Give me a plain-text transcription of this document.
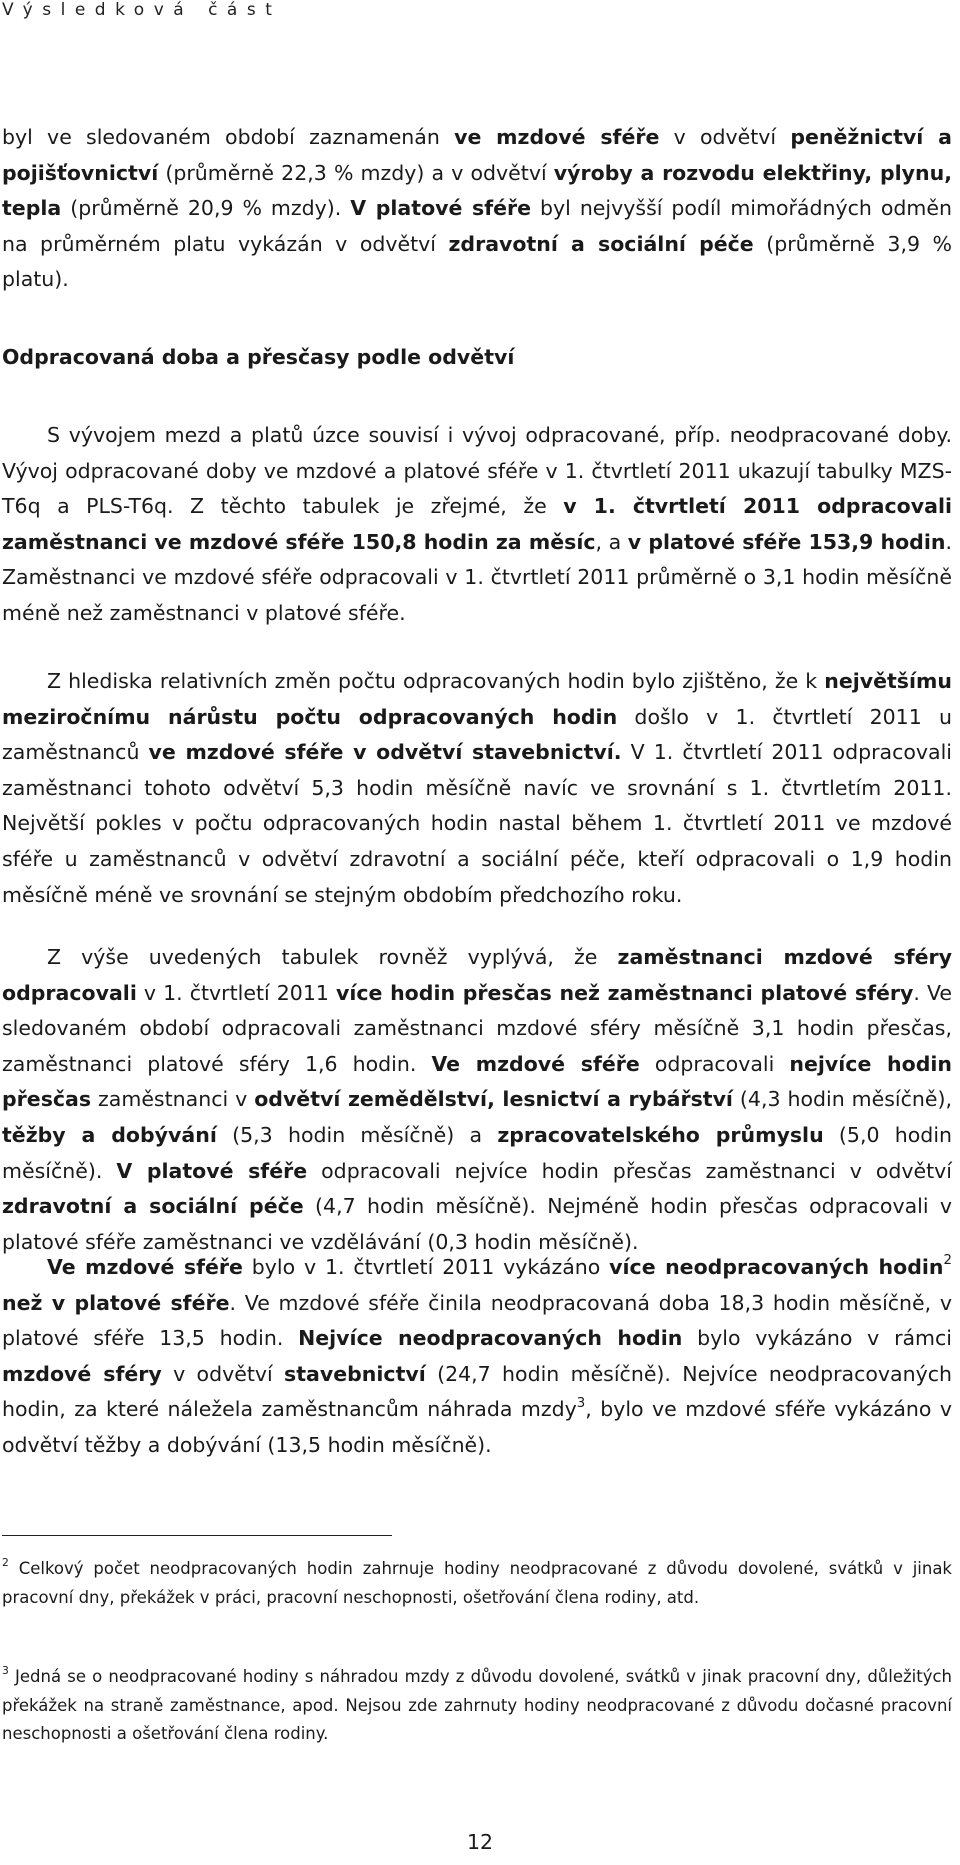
Výsledková část

byl ve sledovaném období zaznamenán ve mzdové sféře v odvětví peněžnictví a pojišťovnictví (průměrně 22,3 % mzdy) a v odvětví výroby a rozvodu elektřiny, plynu, tepla (průměrně 20,9 % mzdy). V platové sféře byl nejvyšší podíl mimořádných odměn na průměrném platu vykázán v odvětví zdravotní a sociální péče (průměrně 3,9 % platu).

Odpracovaná doba a přesčasy podle odvětví

S vývojem mezd a platů úzce souvisí i vývoj odpracované, příp. neodpracované doby. Vývoj odpracované doby ve mzdové a platové sféře v 1. čtvrtletí 2011 ukazují tabulky MZS-T6q a PLS-T6q. Z těchto tabulek je zřejmé, že v 1. čtvrtletí 2011 odpracovali zaměstnanci ve mzdové sféře 150,8 hodin za měsíc, a v platové sféře 153,9 hodin. Zaměstnanci ve mzdové sféře odpracovali v 1. čtvrtletí 2011 průměrně o 3,1 hodin měsíčně méně než zaměstnanci v platové sféře.

Z hlediska relativních změn počtu odpracovaných hodin bylo zjištěno, že k největšímu meziročnímu nárůstu počtu odpracovaných hodin došlo v 1. čtvrtletí 2011 u zaměstnanců ve mzdové sféře v odvětví stavebnictví. V 1. čtvrtletí 2011 odpracovali zaměstnanci tohoto odvětví 5,3 hodin měsíčně navíc ve srovnání s 1. čtvrtletím 2011. Největší pokles v počtu odpracovaných hodin nastal během 1. čtvrtletí 2011 ve mzdové sféře u zaměstnanců v odvětví zdravotní a sociální péče, kteří odpracovali o 1,9 hodin měsíčně méně ve srovnání se stejným obdobím předchozího roku.

Z výše uvedených tabulek rovněž vyplývá, že zaměstnanci mzdové sféry odpracovali v 1. čtvrtletí 2011 více hodin přesčas než zaměstnanci platové sféry. Ve sledovaném období odpracovali zaměstnanci mzdové sféry měsíčně 3,1 hodin přesčas, zaměstnanci platové sféry 1,6 hodin. Ve mzdové sféře odpracovali nejvíce hodin přesčas zaměstnanci v odvětví zemědělství, lesnictví a rybářství (4,3 hodin měsíčně), těžby a dobývání (5,3 hodin měsíčně) a zpracovatelského průmyslu (5,0 hodin měsíčně). V platové sféře odpracovali nejvíce hodin přesčas zaměstnanci v odvětví zdravotní a sociální péče (4,7 hodin měsíčně). Nejméně hodin přesčas odpracovali v platové sféře zaměstnanci ve vzdělávání (0,3 hodin měsíčně).

Ve mzdové sféře bylo v 1. čtvrtletí 2011 vykázáno více neodpracovaných hodin$^2$ než v platové sféře. Ve mzdové sféře činila neodpracovaná doba 18,3 hodin měsíčně, v platové sféře 13,5 hodin. Nejvíce neodpracovaných hodin bylo vykázáno v rámci mzdové sféry v odvětví stavebnictví (24,7 hodin měsíčně). Nejvíce neodpracovaných hodin, za které náležela zaměstnancům náhrada mzdy$^3$, bylo ve mzdové sféře vykázáno v odvětví těžby a dobývání (13,5 hodin měsíčně).

$^2$ Celkový počet neodpracovaných hodin zahrnuje hodiny neodpracované z důvodu dovolené, svátků v jinak pracovní dny, překážek v práci, pracovní neschopnosti, ošetřování člena rodiny, atd.

$^3$ Jedná se o neodpracované hodiny s náhradou mzdy z důvodu dovolené, svátků v jinak pracovní dny, důležitých překážek na straně zaměstnance, apod. Nejsou zde zahrnuty hodiny neodpracované z důvodu dočasné pracovní neschopnosti a ošetřování člena rodiny.

12
